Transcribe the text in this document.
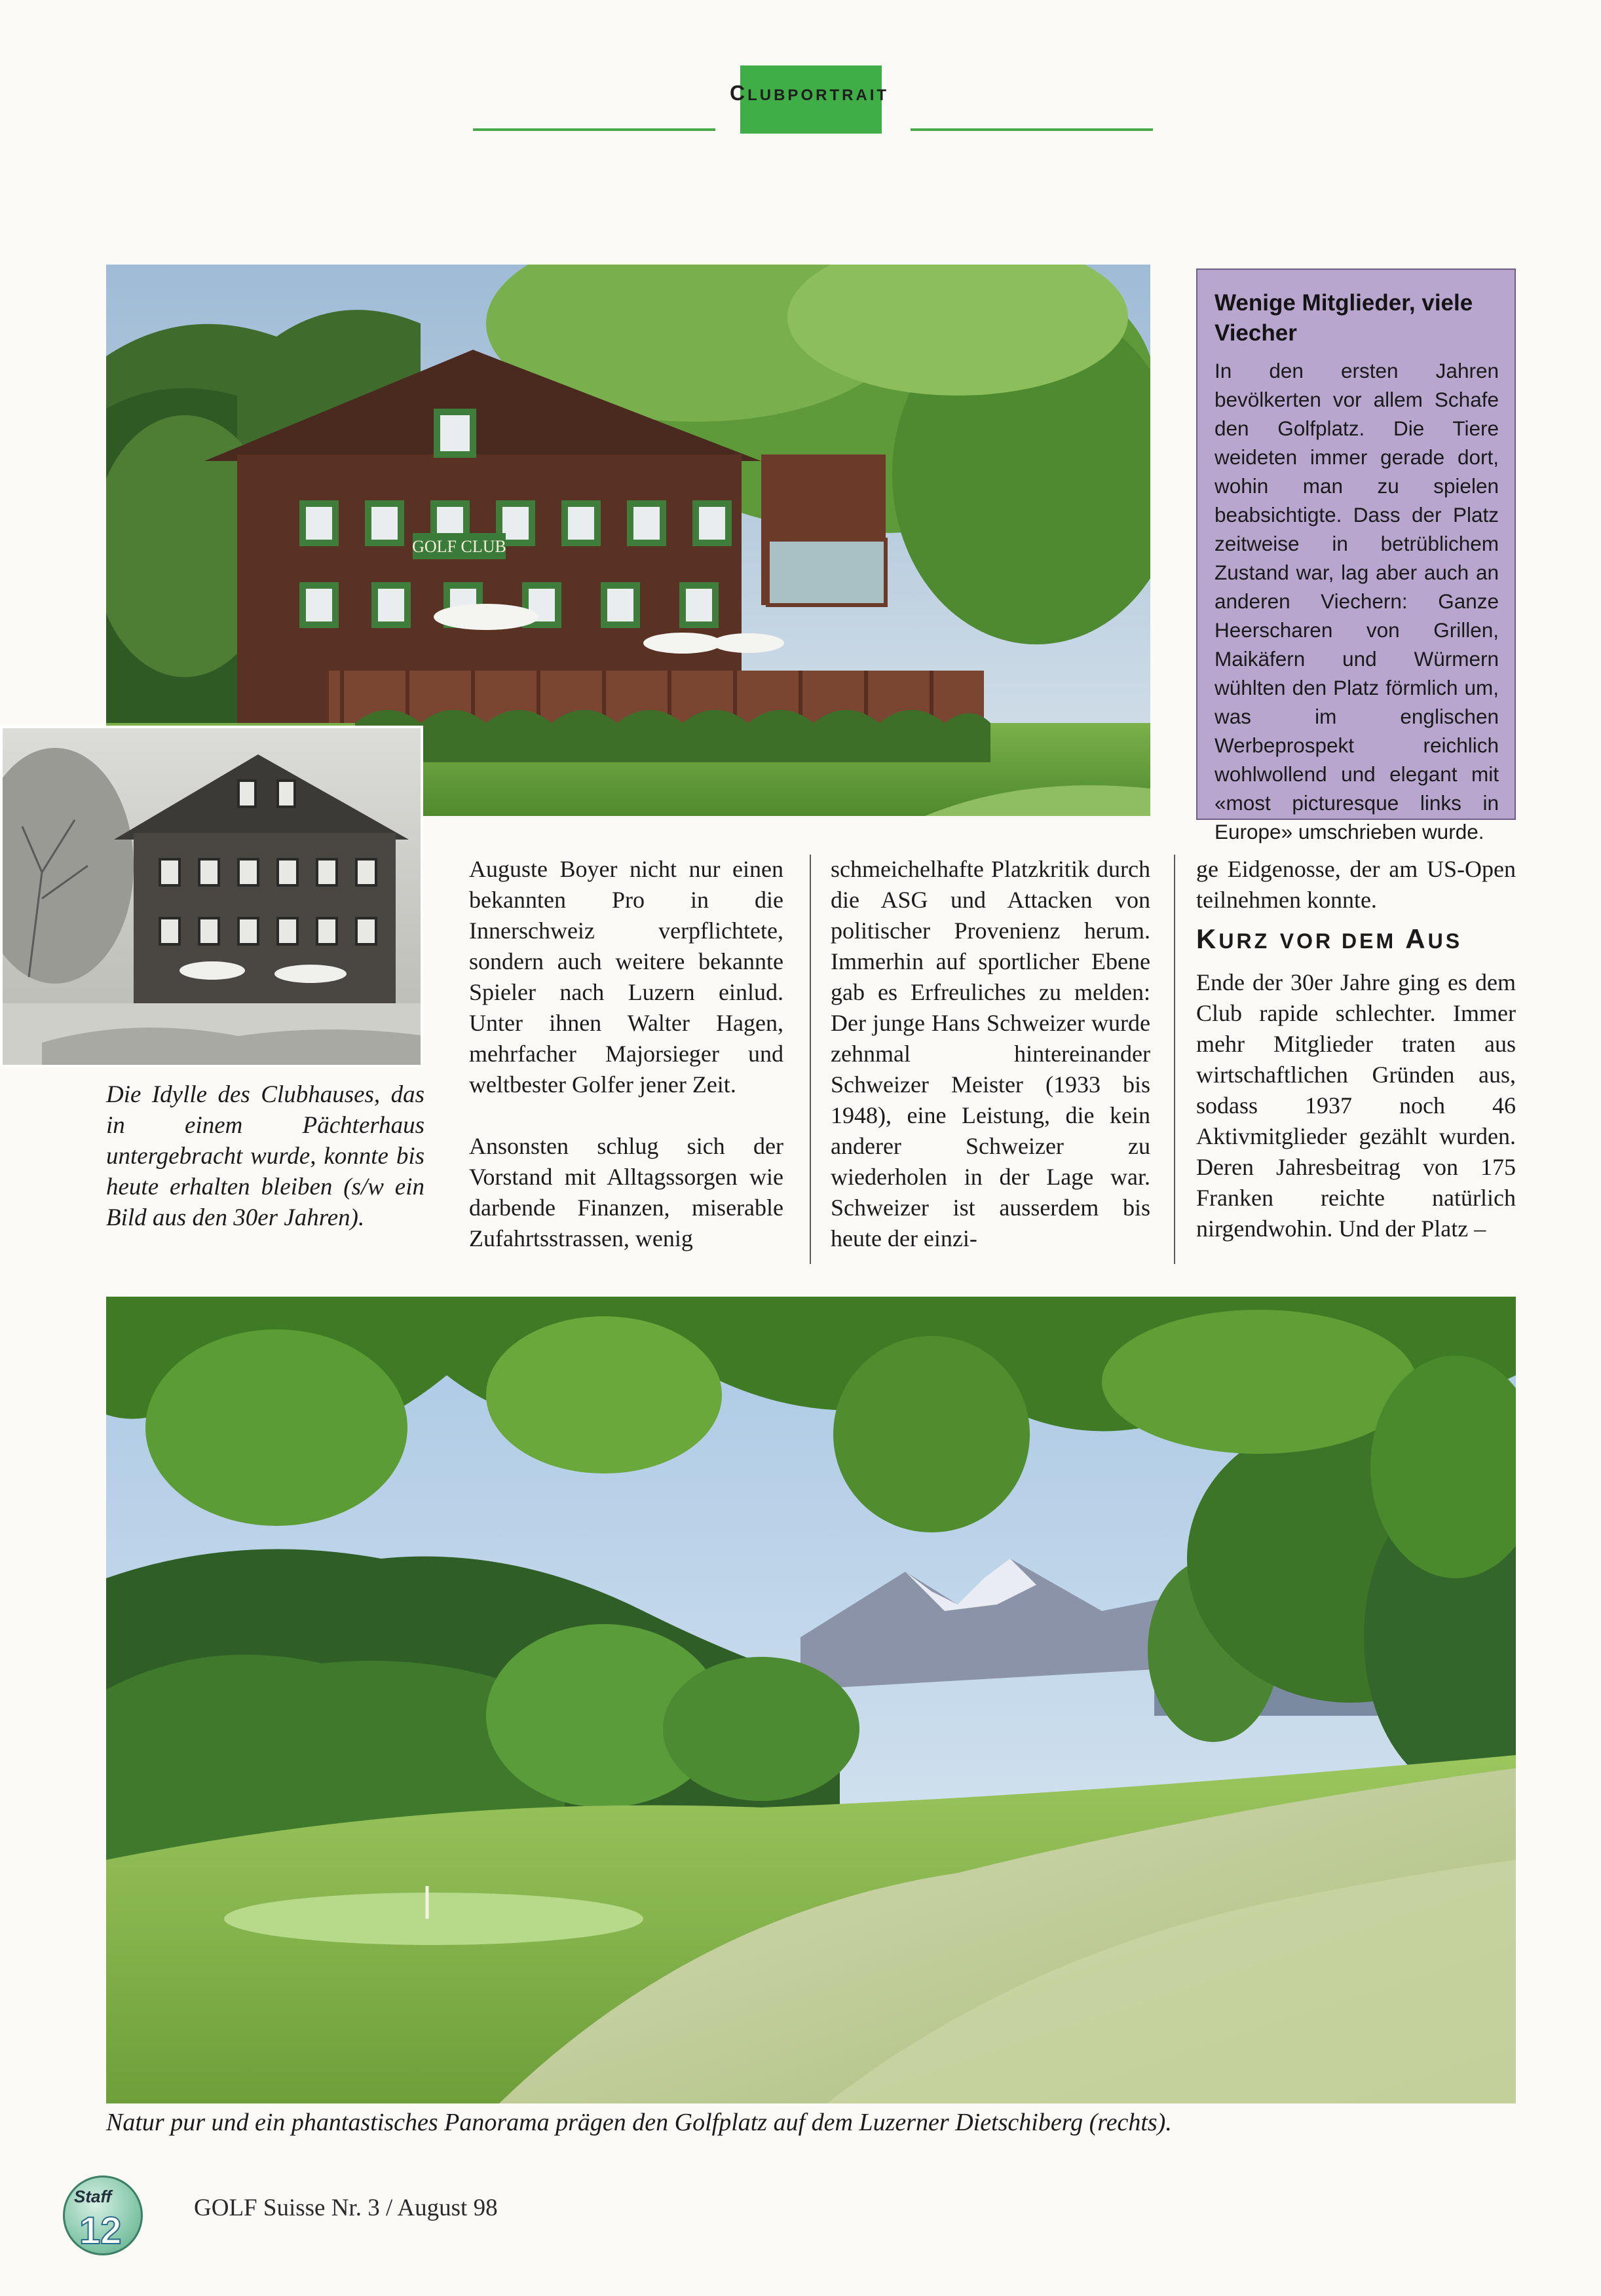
CLUBPORTRAIT
GOLF CLUB
Wenige Mitglieder, viele Viecher

In den ersten Jahren bevölkerten vor allem Schafe den Golfplatz. Die Tiere weideten immer gerade dort, wohin man zu spielen beabsichtigte. Dass der Platz zeitweise in betrüblichem Zustand war, lag aber auch an anderen Viechern: Ganze Heerscharen von Grillen, Maikäfern und Würmern wühlten den Platz förmlich um, was im englischen Werbeprospekt reichlich wohlwollend und elegant mit «most picturesque links in Europe» umschrieben wurde.

Die Idylle des Clubhauses, das in einem Pächterhaus untergebracht wurde, konnte bis heute erhalten bleiben (s/w ein Bild aus den 30er Jahren).

Auguste Boyer nicht nur einen bekannten Pro in die Innerschweiz verpflichtete, sondern auch weitere bekannte Spieler nach Luzern einlud. Unter ihnen Walter Hagen, mehrfacher Majorsieger und weltbester Golfer jener Zeit.

Ansonsten schlug sich der Vorstand mit Alltagssorgen wie darbende Finanzen, miserable Zufahrtsstrassen, wenig

schmeichelhafte Platzkritik durch die ASG und Attacken von politischer Provenienz herum. Immerhin auf sportlicher Ebene gab es Erfreuliches zu melden: Der junge Hans Schweizer wurde zehnmal hintereinander Schweizer Meister (1933 bis 1948), eine Leistung, die kein anderer Schweizer zu wiederholen in der Lage war. Schweizer ist ausserdem bis heute der einzi-

ge Eidgenosse, der am US-Open teilnehmen konnte.

KURZ VOR DEM AUS

Ende der 30er Jahre ging es dem Club rapide schlechter. Immer mehr Mitglieder traten aus wirtschaftlichen Gründen aus, sodass 1937 noch 46 Aktivmitglieder gezählt wurden. Deren Jahresbeitrag von 175 Franken reichte natürlich nirgendwohin. Und der Platz –

Natur pur und ein phantastisches Panorama prägen den Golfplatz auf dem Luzerner Dietschiberg (rechts).
Staff
12
GOLF Suisse Nr. 3 / August 98
